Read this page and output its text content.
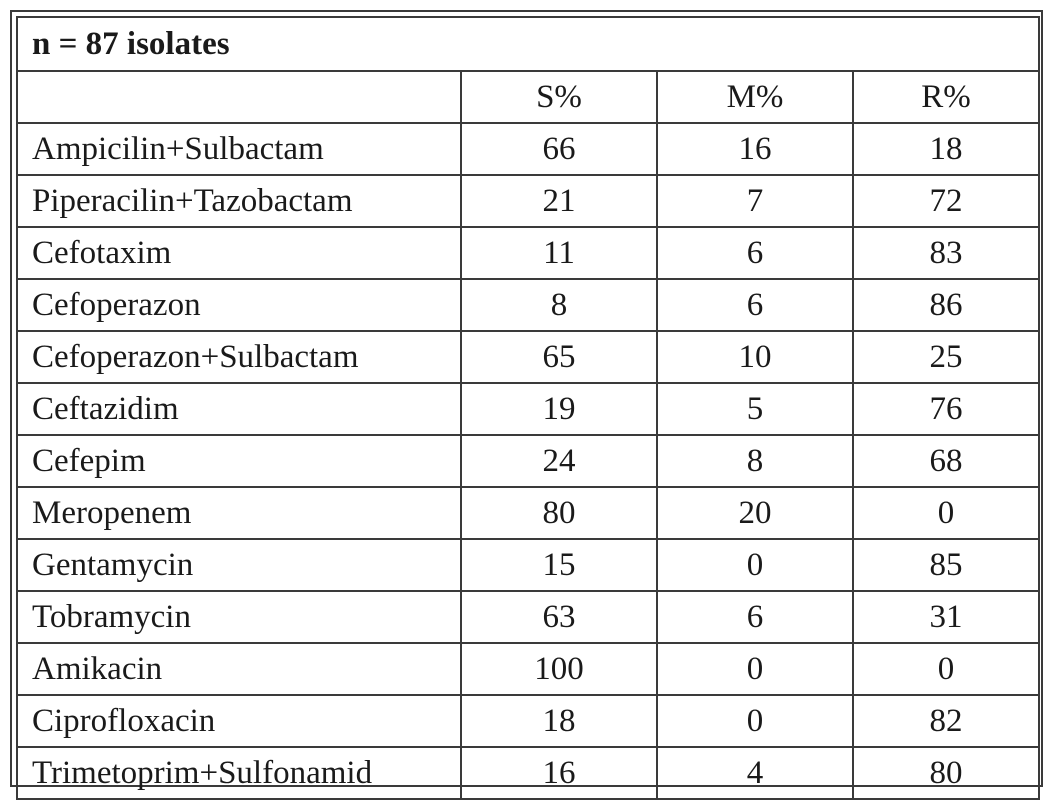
n = 87 isolates			
	S%	M%	R%
Ampicilin+Sulbactam	66	16	18
Piperacilin+Tazobactam	21	7	72
Cefotaxim	11	6	83
Cefoperazon	8	6	86
Cefoperazon+Sulbactam	65	10	25
Ceftazidim	19	5	76
Cefepim	24	8	68
Meropenem	80	20	0
Gentamycin	15	0	85
Tobramycin	63	6	31
Amikacin	100	0	0
Ciprofloxacin	18	0	82
Trimetoprim+Sulfonamid	16	4	80
